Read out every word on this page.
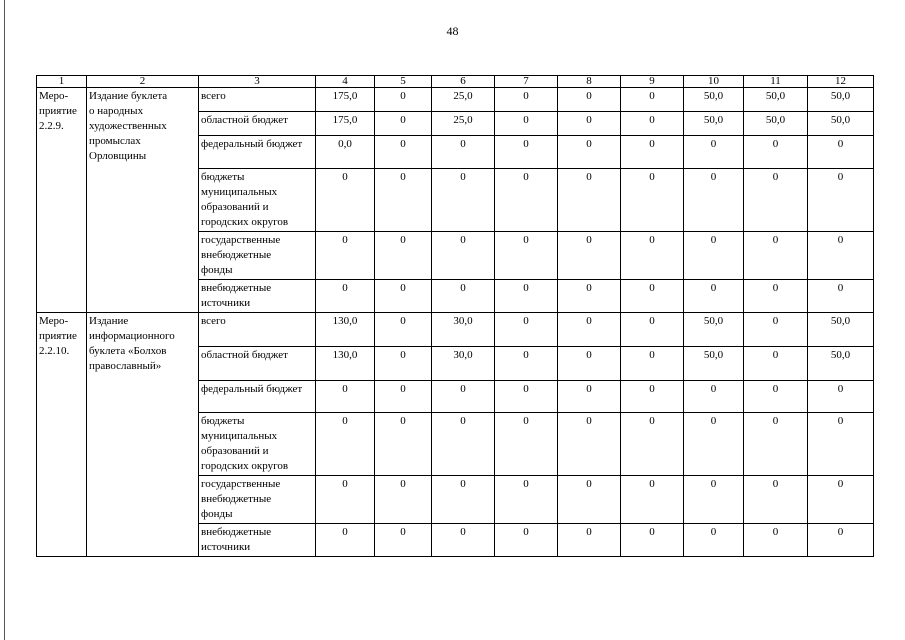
48
1	2	3	4	5	6	7	8	9	10	11	12
Меро-
приятие
2.2.9.	Издание буклета
о народных
художественных
промыслах
Орловщины	всего	175,0	0	25,0	0	0	0	50,0	50,0	50,0
		областной бюджет	175,0	0	25,0	0	0	0	50,0	50,0	50,0
		федеральный бюджет	0,0	0	0	0	0	0	0	0	0
		бюджеты
муниципальных
образований и
городских округов	0	0	0	0	0	0	0	0	0
		государственные
внебюджетные
фонды	0	0	0	0	0	0	0	0	0
		внебюджетные
источники	0	0	0	0	0	0	0	0	0
Меро-
приятие
2.2.10.	Издание
информационного
буклета «Болхов
православный»	всего	130,0	0	30,0	0	0	0	50,0	0	50,0
		областной бюджет	130,0	0	30,0	0	0	0	50,0	0	50,0
		федеральный бюджет	0	0	0	0	0	0	0	0	0
		бюджеты
муниципальных
образований и
городских округов	0	0	0	0	0	0	0	0	0
		государственные
внебюджетные
фонды	0	0	0	0	0	0	0	0	0
		внебюджетные
источники	0	0	0	0	0	0	0	0	0
